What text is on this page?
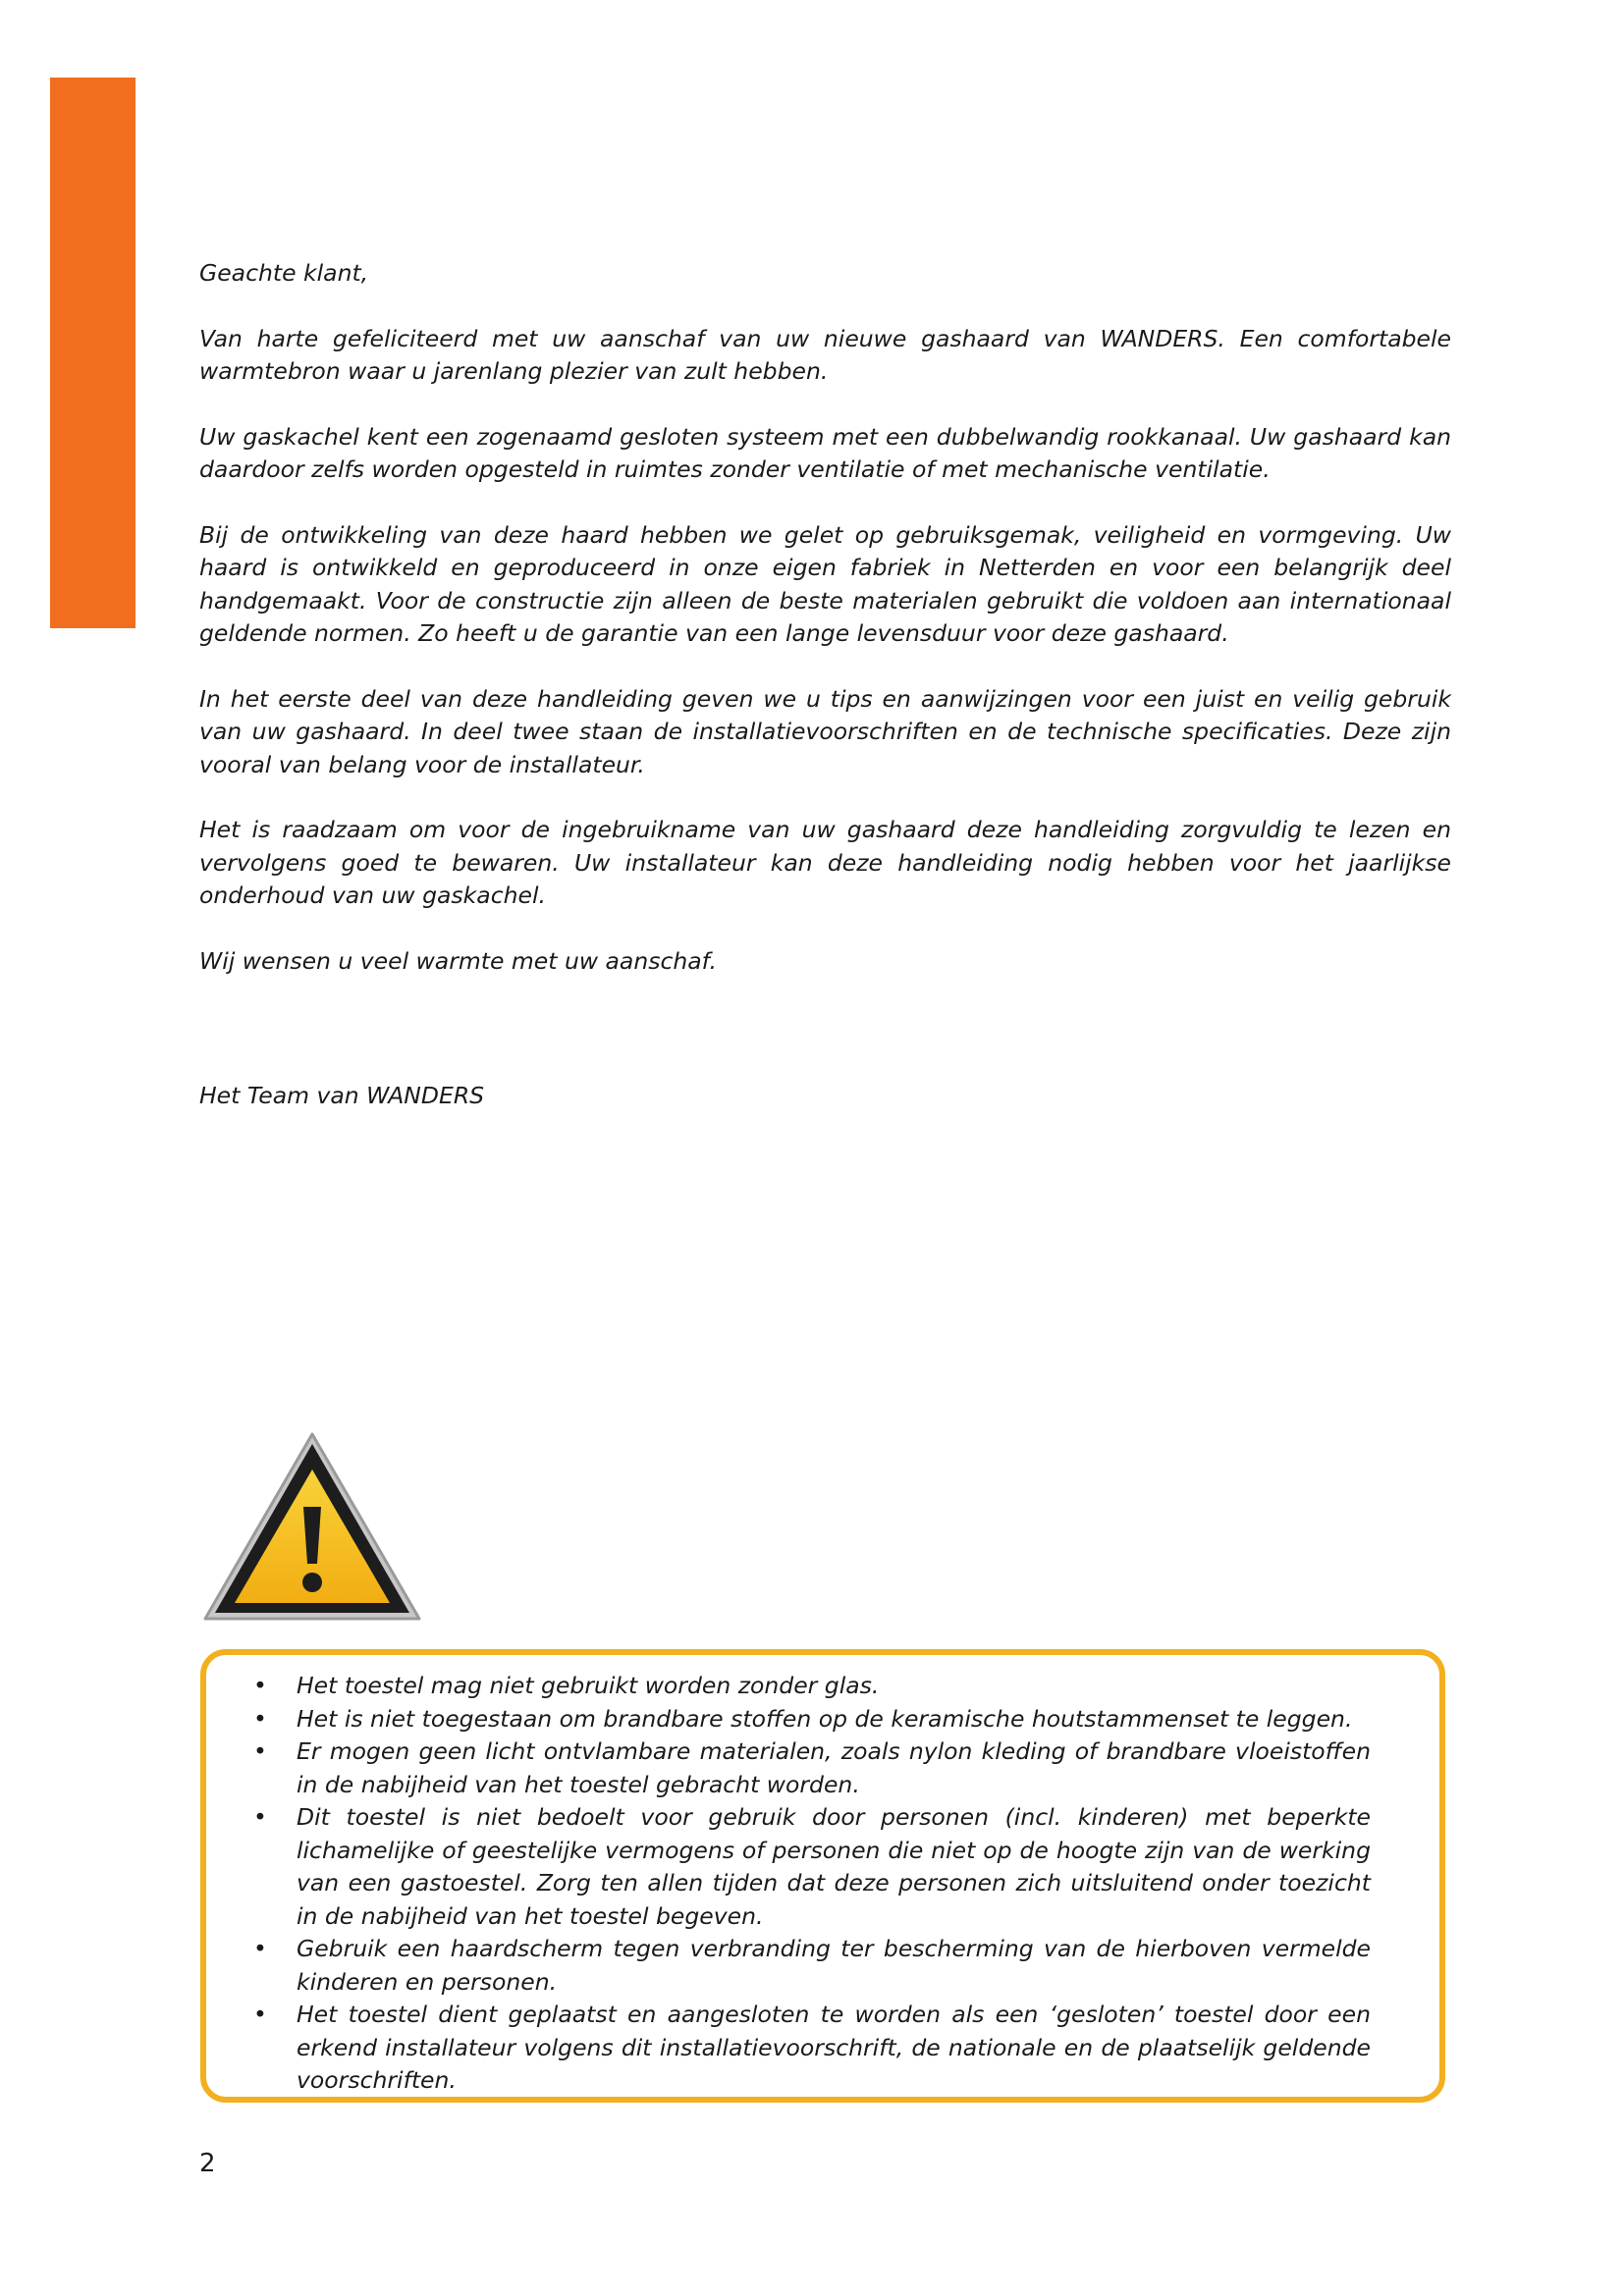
Geachte klant,

Van harte gefeliciteerd met uw aanschaf van uw nieuwe gashaard van WANDERS. Een comfortabele warmtebron waar u jarenlang plezier van zult hebben.

Uw gaskachel kent een zogenaamd gesloten systeem met een dubbelwandig rookkanaal. Uw gashaard kan daardoor zelfs worden opgesteld in ruimtes zonder ventilatie of met mechanische ventilatie.

Bij de ontwikkeling van deze haard hebben we gelet op gebruiksgemak, veiligheid en vormgeving. Uw haard is ontwikkeld en geproduceerd in onze eigen fabriek in Netterden en voor een belangrijk deel handgemaakt. Voor de constructie zijn alleen de beste materialen gebruikt die voldoen aan internationaal geldende normen. Zo heeft u de garantie van een lange levensduur voor deze gashaard.

In het eerste deel van deze handleiding geven we u tips en aanwijzingen voor een juist en veilig gebruik van uw gashaard. In deel twee staan de installatievoorschriften en de technische specificaties. Deze zijn vooral van belang voor de installateur.

Het is raadzaam om voor de ingebruikname van uw gashaard deze handleiding zorgvuldig te lezen en vervolgens goed te bewaren. Uw installateur kan deze handleiding nodig hebben voor het jaarlijkse onderhoud van uw gaskachel.

Wij wensen u veel warmte met uw aanschaf.

Het Team van WANDERS
• Het toestel mag niet gebruikt worden zonder glas.
• Het is niet toegestaan om brandbare stoffen op de keramische houtstammenset te leggen.
• Er mogen geen licht ontvlambare materialen, zoals nylon kleding of brandbare vloeistoffen in de nabijheid van het toestel gebracht worden.
• Dit toestel is niet bedoelt voor gebruik door personen (incl. kinderen) met beperkte lichamelijke of geestelijke vermogens of personen die niet op de hoogte zijn van de werking van een gastoestel. Zorg ten allen tijden dat deze personen zich uitsluitend onder toezicht in de nabijheid van het toestel begeven.
• Gebruik een haardscherm tegen verbranding ter bescherming van de hierboven vermelde kinderen en personen.
• Het toestel dient geplaatst en aangesloten te worden als een ‘gesloten’ toestel door een erkend installateur volgens dit installatievoorschrift, de nationale en de plaatselijk geldende voorschriften.
2
